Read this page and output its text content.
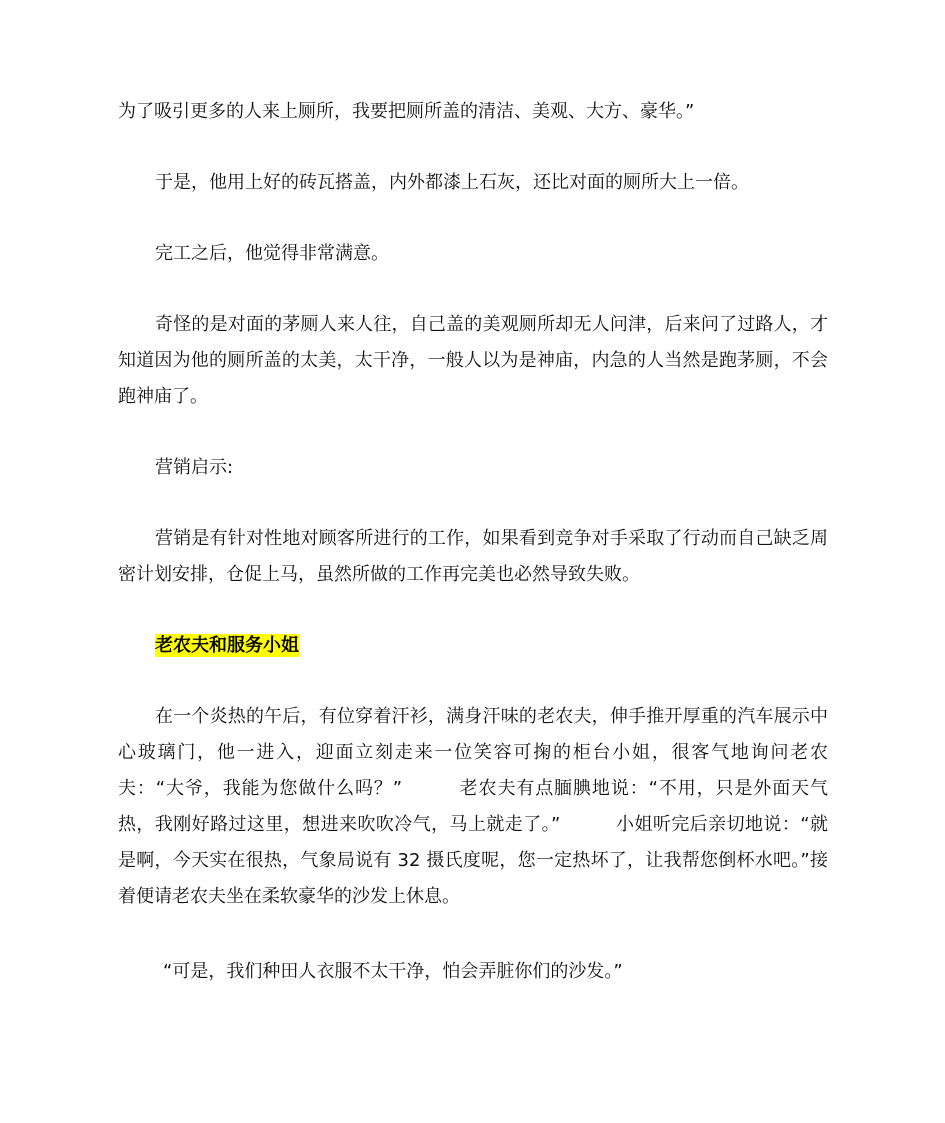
为了吸引更多的人来上厕所，我要把厕所盖的清洁、美观、大方、豪华。”

于是，他用上好的砖瓦搭盖，内外都漆上石灰，还比对面的厕所大上一倍。

完工之后，他觉得非常满意。

奇怪的是对面的茅厕人来人往，自己盖的美观厕所却无人问津，后来问了过路人，才知道因为他的厕所盖的太美，太干净，一般人以为是神庙，内急的人当然是跑茅厕，不会跑神庙了。

营销启示:

营销是有针对性地对顾客所进行的工作，如果看到竞争对手采取了行动而自己缺乏周密计划安排，仓促上马，虽然所做的工作再完美也必然导致失败。

老农夫和服务小姐

在一个炎热的午后，有位穿着汗衫，满身汗味的老农夫，伸手推开厚重的汽车展示中心玻璃门，他一进入，迎面立刻走来一位笑容可掬的柜台小姐，很客气地询问老农夫：“大爷，我能为您做什么吗？”　　　老农夫有点腼腆地说：“不用，只是外面天气热，我刚好路过这里，想进来吹吹冷气，马上就走了。”　　　小姐听完后亲切地说：“就是啊，今天实在很热，气象局说有 32 摄氏度呢，您一定热坏了，让我帮您倒杯水吧。”接着便请老农夫坐在柔软豪华的沙发上休息。

“可是，我们种田人衣服不太干净，怕会弄脏你们的沙发。”
